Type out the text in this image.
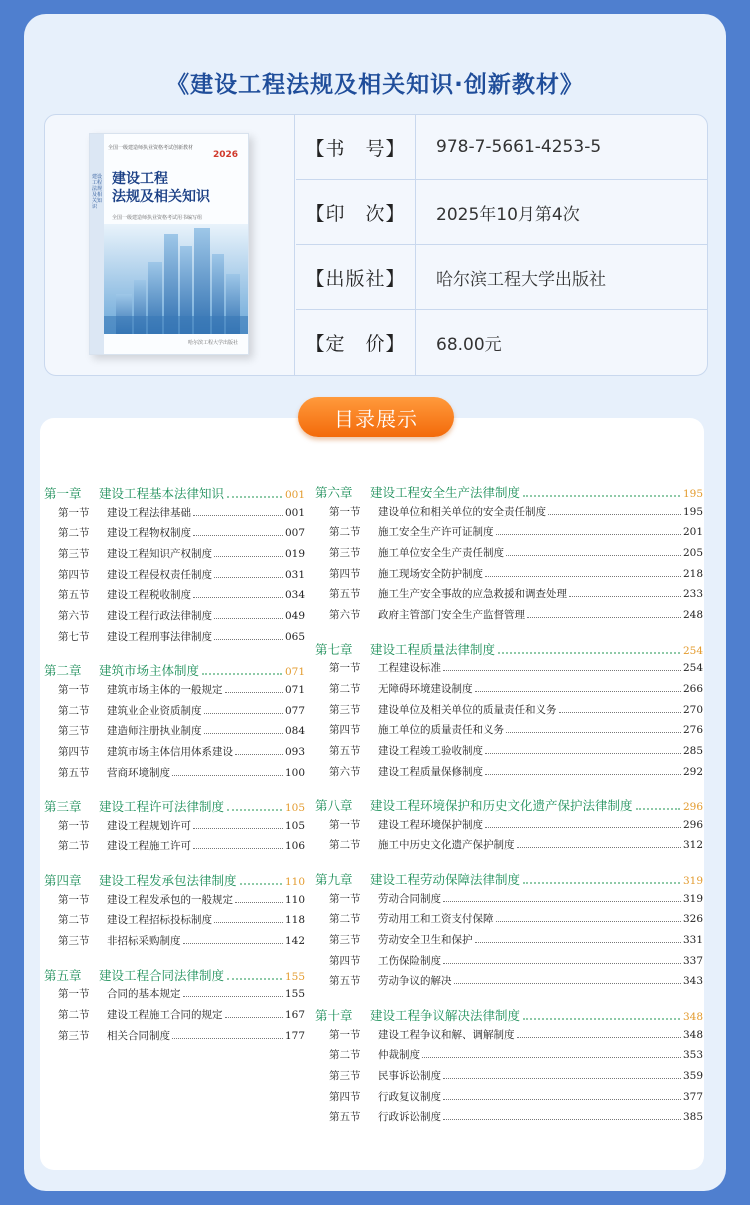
《建设工程法规及相关知识·创新教材》
建设工程法规及相关知识
全国一级建造师执业资格考试创新教材
2026
建设工程
法规及相关知识
全国一级建造师执业资格考试用书编写组
哈尔滨工程大学出版社
【书　号】	978-7-5661-4253-5
【印　次】	2025年10月第4次
【出版社】	哈尔滨工程大学出版社
【定　价】	68.00元
第一章	建设工程基本法律知识	001
第一节	建设工程法律基础	001
第二节	建设工程物权制度	007
第三节	建设工程知识产权制度	019
第四节	建设工程侵权责任制度	031
第五节	建设工程税收制度	034
第六节	建设工程行政法律制度	049
第七节	建设工程刑事法律制度	065
第二章	建筑市场主体制度	071
第一节	建筑市场主体的一般规定	071
第二节	建筑业企业资质制度	077
第三节	建造师注册执业制度	084
第四节	建筑市场主体信用体系建设	093
第五节	营商环境制度	100
第三章	建设工程许可法律制度	105
第一节	建设工程规划许可	105
第二节	建设工程施工许可	106
第四章	建设工程发承包法律制度	110
第一节	建设工程发承包的一般规定	110
第二节	建设工程招标投标制度	118
第三节	非招标采购制度	142
第五章	建设工程合同法律制度	155
第一节	合同的基本规定	155
第二节	建设工程施工合同的规定	167
第三节	相关合同制度	177
第六章	建设工程安全生产法律制度	195
第一节	建设单位和相关单位的安全责任制度	195
第二节	施工安全生产许可证制度	201
第三节	施工单位安全生产责任制度	205
第四节	施工现场安全防护制度	218
第五节	施工生产安全事故的应急救援和调查处理	233
第六节	政府主管部门安全生产监督管理	248
第七章	建设工程质量法律制度	254
第一节	工程建设标准	254
第二节	无障碍环境建设制度	266
第三节	建设单位及相关单位的质量责任和义务	270
第四节	施工单位的质量责任和义务	276
第五节	建设工程竣工验收制度	285
第六节	建设工程质量保修制度	292
第八章	建设工程环境保护和历史文化遗产保护法律制度	296
第一节	建设工程环境保护制度	296
第二节	施工中历史文化遗产保护制度	312
第九章	建设工程劳动保障法律制度	319
第一节	劳动合同制度	319
第二节	劳动用工和工资支付保障	326
第三节	劳动安全卫生和保护	331
第四节	工伤保险制度	337
第五节	劳动争议的解决	343
第十章	建设工程争议解决法律制度	348
第一节	建设工程争议和解、调解制度	348
第二节	仲裁制度	353
第三节	民事诉讼制度	359
第四节	行政复议制度	377
第五节	行政诉讼制度	385
目录展示
